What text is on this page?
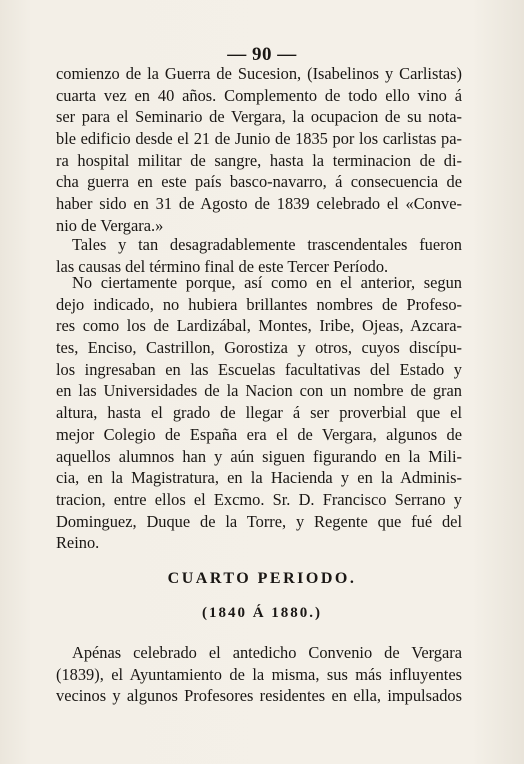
— 90 —
comienzo de la Guerra de Sucesion, (Isabelinos y Carlistas)
cuarta vez en 40 años. Complemento de todo ello vino á
ser para el Seminario de Vergara, la ocupacion de su nota-
ble edificio desde el 21 de Junio de 1835 por los carlistas pa-
ra hospital militar de sangre, hasta la terminacion de di-
cha guerra en este país basco-navarro, á consecuencia de
haber sido en 31 de Agosto de 1839 celebrado el «Conve-
nio de Vergara.»
Tales y tan desagradablemente trascendentales fueron
las causas del término final de este Tercer Período.
No ciertamente porque, así como en el anterior, segun
dejo indicado, no hubiera brillantes nombres de Profeso-
res como los de Lardizábal, Montes, Iribe, Ojeas, Azcara-
tes, Enciso, Castrillon, Gorostiza y otros, cuyos discípu-
los ingresaban en las Escuelas facultativas del Estado y
en las Universidades de la Nacion con un nombre de gran
altura, hasta el grado de llegar á ser proverbial que el
mejor Colegio de España era el de Vergara, algunos de
aquellos alumnos han y aún siguen figurando en la Mili-
cia, en la Magistratura, en la Hacienda y en la Adminis-
tracion, entre ellos el Excmo. Sr. D. Francisco Serrano y
Dominguez, Duque de la Torre, y Regente que fué del
Reino.
CUARTO PERIODO.
(1840 Á 1880.)
Apénas celebrado el antedicho Convenio de Vergara
(1839), el Ayuntamiento de la misma, sus más influyentes
vecinos y algunos Profesores residentes en ella, impulsados
